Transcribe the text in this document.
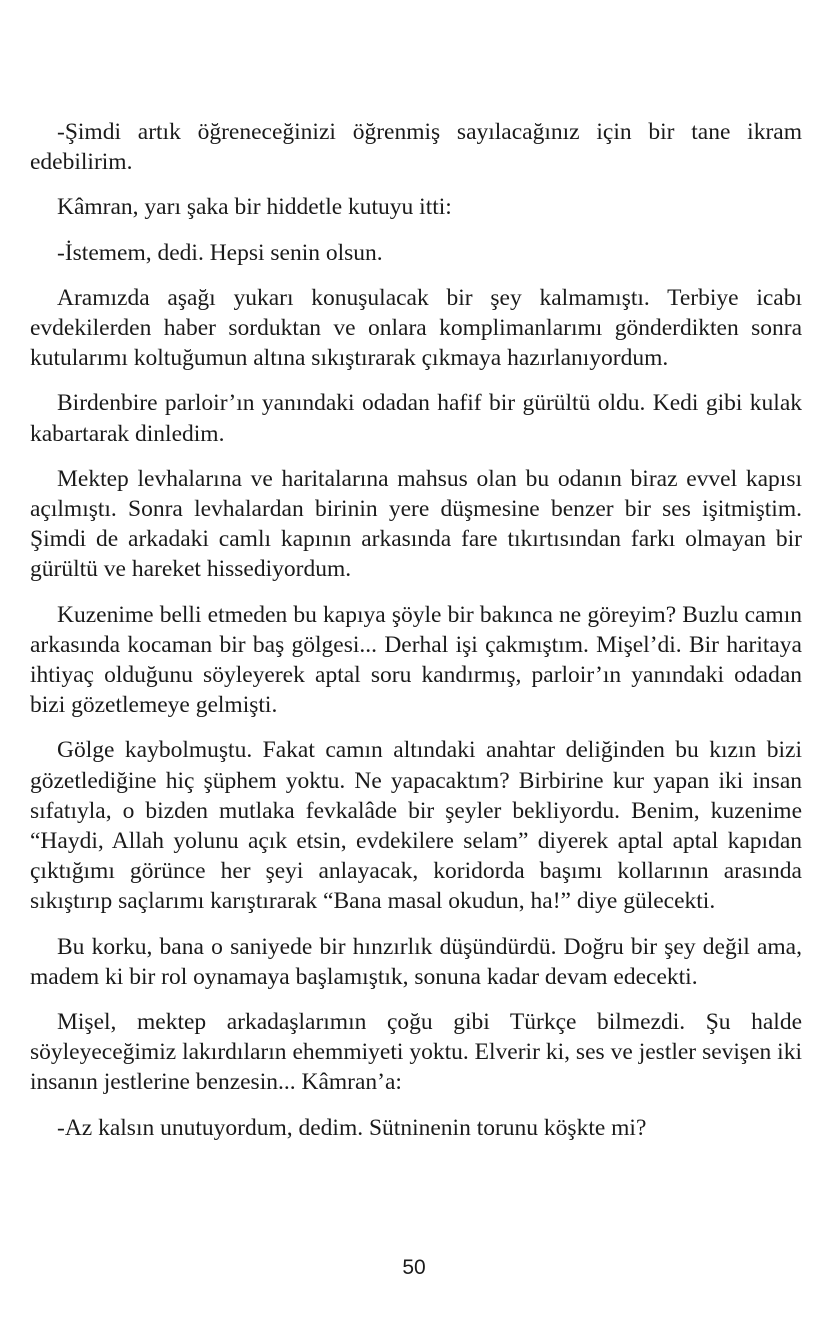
-Şimdi artık öğreneceğinizi öğrenmiş sayılacağınız için bir tane ikram edebilirim.

Kâmran, yarı şaka bir hiddetle kutuyu itti:

-İstemem, dedi. Hepsi senin olsun.

Aramızda aşağı yukarı konuşulacak bir şey kalmamıştı. Terbiye icabı evdekilerden haber sorduktan ve onlara komplimanlarımı gönderdikten sonra kutularımı koltuğumun altına sıkıştırarak çıkmaya hazırlanıyordum.

Birdenbire parloir’ın yanındaki odadan hafif bir gürültü oldu. Kedi gibi kulak kabartarak dinledim.

Mektep levhalarına ve haritalarına mahsus olan bu odanın biraz evvel kapısı açılmıştı. Sonra levhalardan birinin yere düşmesine benzer bir ses işitmiştim. Şimdi de arkadaki camlı kapının arkasında fare tıkırtısından farkı olmayan bir gürültü ve hareket hissediyordum.

Kuzenime belli etmeden bu kapıya şöyle bir bakınca ne göreyim? Buzlu camın arkasında kocaman bir baş gölgesi... Derhal işi çakmıştım. Mişel’di. Bir haritaya ihtiyaç olduğunu söyleyerek aptal soru kandırmış, parloir’ın yanındaki odadan bizi gözetlemeye gelmişti.

Gölge kaybolmuştu. Fakat camın altındaki anahtar deliğinden bu kızın bizi gözetlediğine hiç şüphem yoktu. Ne yapacaktım? Birbirine kur yapan iki insan sıfatıyla, o bizden mutlaka fevkalâde bir şeyler bekliyordu. Benim, kuzenime “Haydi, Allah yolunu açık etsin, evdekilere selam” diyerek aptal aptal kapıdan çıktığımı görünce her şeyi anlayacak, koridorda başımı kollarının arasında sıkıştırıp saçlarımı karıştırarak “Bana masal okudun, ha!” diye gülecekti.

Bu korku, bana o saniyede bir hınzırlık düşündürdü. Doğru bir şey değil ama, madem ki bir rol oynamaya başlamıştık, sonuna kadar devam edecekti.

Mişel, mektep arkadaşlarımın çoğu gibi Türkçe bilmezdi. Şu halde söyleyeceğimiz lakırdıların ehemmiyeti yoktu. Elverir ki, ses ve jestler sevişen iki insanın jestlerine benzesin... Kâmran’a:

-Az kalsın unutuyordum, dedim. Sütninenin torunu köşkte mi?

50
